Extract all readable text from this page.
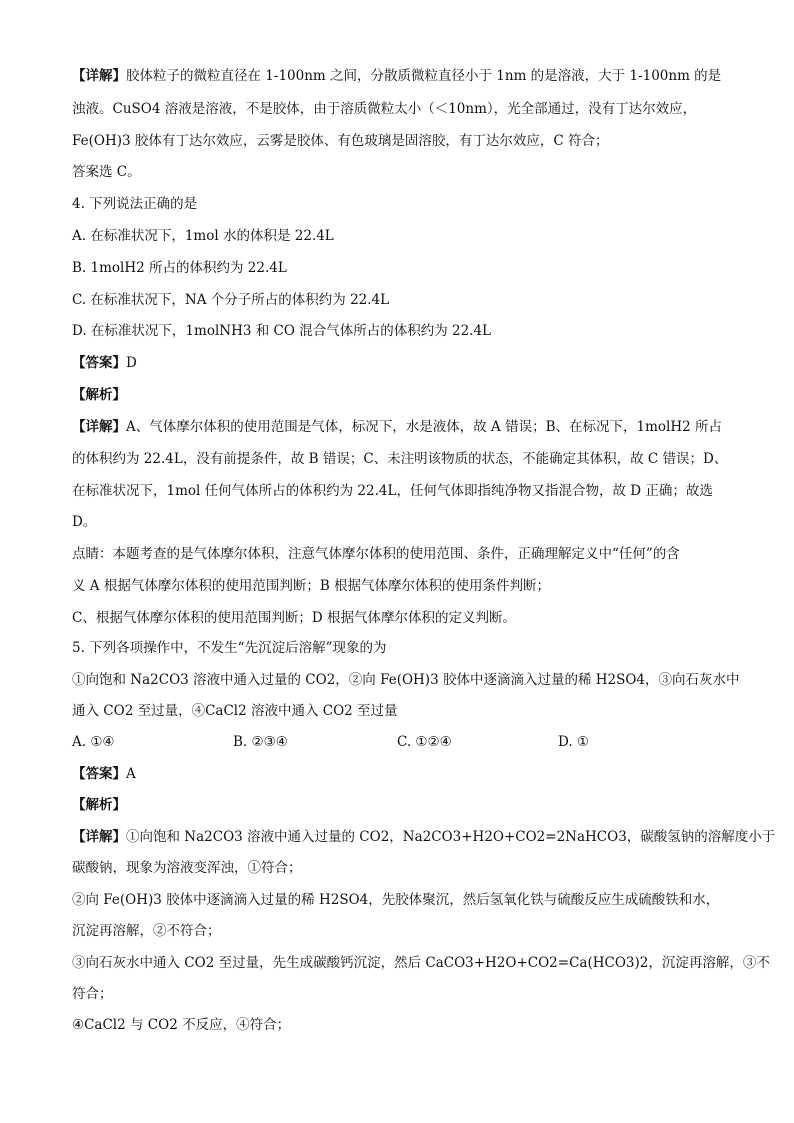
【详解】胶体粒子的微粒直径在 1-100nm 之间，分散质微粒直径小于 1nm 的是溶液，大于 1-100nm 的是
浊液。CuSO4 溶液是溶液，不是胶体，由于溶质微粒太小（＜10nm），光全部通过，没有丁达尔效应，
Fe(OH)3 胶体有丁达尔效应，云雾是胶体、有色玻璃是固溶胶，有丁达尔效应，C 符合；
答案选 C。
4. 下列说法正确的是
A. 在标准状况下，1mol 水的体积是 22.4L
B. 1molH2 所占的体积约为 22.4L
C. 在标准状况下，NA 个分子所占的体积约为 22.4L
D. 在标准状况下，1molNH3 和 CO 混合气体所占的体积约为 22.4L
【答案】D
【解析】
【详解】A、气体摩尔体积的使用范围是气体，标况下，水是液体，故 A 错误；B、在标况下，1molH2 所占
的体积约为 22.4L，没有前提条件，故 B 错误；C、未注明该物质的状态，不能确定其体积，故 C 错误；D、
在标准状况下，1mol 任何气体所占的体积约为 22.4L，任何气体即指纯净物又指混合物，故 D 正确；故选
D。
点睛：本题考查的是气体摩尔体积，注意气体摩尔体积的使用范围、条件，正确理解定义中“任何”的含
义 A 根据气体摩尔体积的使用范围判断；B 根据气体摩尔体积的使用条件判断；
C、根据气体摩尔体积的使用范围判断；D 根据气体摩尔体积的定义判断。
5. 下列各项操作中，不发生“先沉淀后溶解”现象的为
①向饱和 Na2CO3 溶液中通入过量的 CO2，②向 Fe(OH)3 胶体中逐滴滴入过量的稀 H2SO4，③向石灰水中
通入 CO2 至过量，④CaCl2 溶液中通入 CO2 至过量
A. ①④	B. ②③④	C. ①②④	D. ①
【答案】A
【解析】
【详解】①向饱和 Na2CO3 溶液中通入过量的 CO2，Na2CO3+H2O+CO2=2NaHCO3，碳酸氢钠的溶解度小于
碳酸钠，现象为溶液变浑浊，①符合；
②向 Fe(OH)3 胶体中逐滴滴入过量的稀 H2SO4，先胶体聚沉，然后氢氧化铁与硫酸反应生成硫酸铁和水，
沉淀再溶解，②不符合；
③向石灰水中通入 CO2 至过量，先生成碳酸钙沉淀，然后 CaCO3+H2O+CO2=Ca(HCO3)2，沉淀再溶解，③不
符合；
④CaCl2 与 CO2 不反应，④符合；
